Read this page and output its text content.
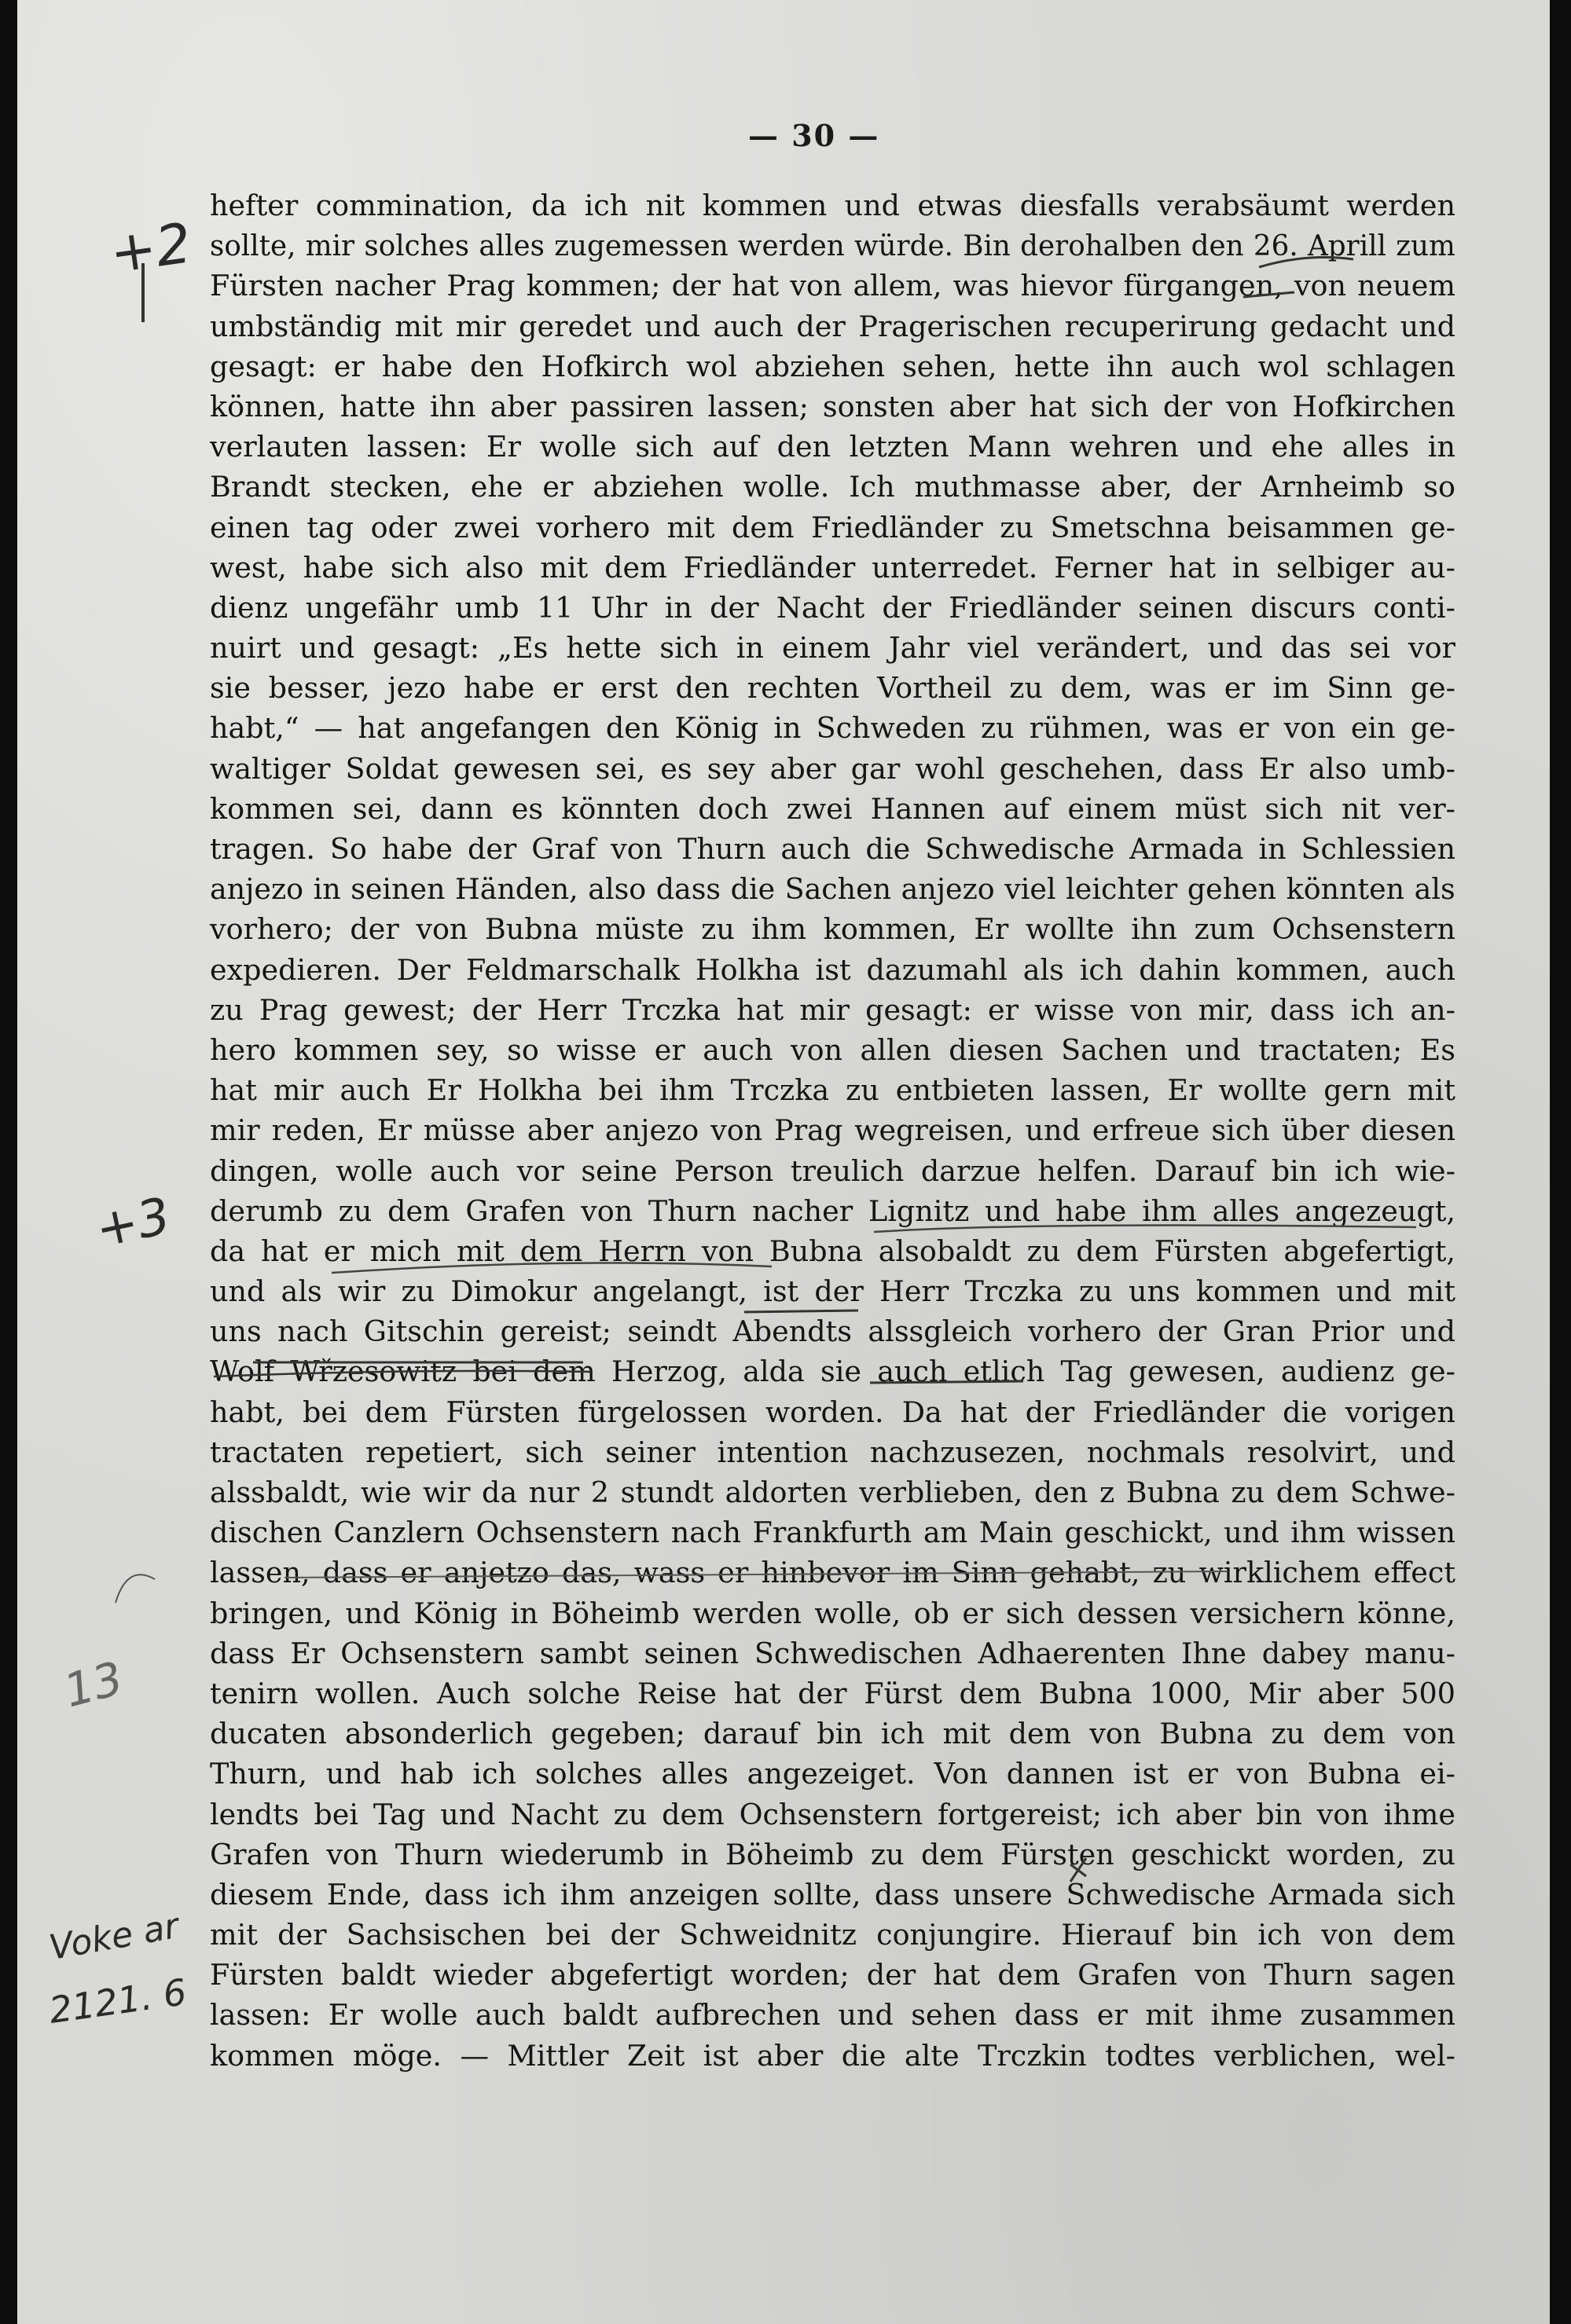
— 30 —
hefter commination, da ich nit kommen und etwas diesfalls verabsäumt werden
sollte, mir solches alles zugemessen werden würde. Bin derohalben den 26. Aprill zum
Fürsten nacher Prag kommen; der hat von allem, was hievor fürgangen, von neuem
umbständig mit mir geredet und auch der Pragerischen recuperirung gedacht und
gesagt: er habe den Hofkirch wol abziehen sehen, hette ihn auch wol schlagen
können, hatte ihn aber passiren lassen; sonsten aber hat sich der von Hofkirchen
verlauten lassen: Er wolle sich auf den letzten Mann wehren und ehe alles in
Brandt stecken, ehe er abziehen wolle. Ich muthmasse aber, der Arnheimb so
einen tag oder zwei vorhero mit dem Friedländer zu Smetschna beisammen ge-
west, habe sich also mit dem Friedländer unterredet. Ferner hat in selbiger au-
dienz ungefähr umb 11 Uhr in der Nacht der Friedländer seinen discurs conti-
nuirt und gesagt: „Es hette sich in einem Jahr viel verändert, und das sei vor
sie besser, jezo habe er erst den rechten Vortheil zu dem, was er im Sinn ge-
habt,“ — hat angefangen den König in Schweden zu rühmen, was er von ein ge-
waltiger Soldat gewesen sei, es sey aber gar wohl geschehen, dass Er also umb-
kommen sei, dann es könnten doch zwei Hannen auf einem müst sich nit ver-
tragen. So habe der Graf von Thurn auch die Schwedische Armada in Schlessien
anjezo in seinen Händen, also dass die Sachen anjezo viel leichter gehen könnten als
vorhero; der von Bubna müste zu ihm kommen, Er wollte ihn zum Ochsenstern
expedieren. Der Feldmarschalk Holkha ist dazumahl als ich dahin kommen, auch
zu Prag gewest; der Herr Trczka hat mir gesagt: er wisse von mir, dass ich an-
hero kommen sey, so wisse er auch von allen diesen Sachen und tractaten; Es
hat mir auch Er Holkha bei ihm Trczka zu entbieten lassen, Er wollte gern mit
mir reden, Er müsse aber anjezo von Prag wegreisen, und erfreue sich über diesen
dingen, wolle auch vor seine Person treulich darzue helfen. Darauf bin ich wie-
derumb zu dem Grafen von Thurn nacher Lignitz und habe ihm alles angezeugt,
da hat er mich mit dem Herrn von Bubna alsobaldt zu dem Fürsten abgefertigt,
und als wir zu Dimokur angelangt, ist der Herr Trczka zu uns kommen und mit
uns nach Gitschin gereist; seindt Abendts alssgleich vorhero der Gran Prior und
Wolf Wřzesowitz bei dem Herzog, alda sie auch etlich Tag gewesen, audienz ge-
habt, bei dem Fürsten fürgelossen worden. Da hat der Friedländer die vorigen
tractaten repetiert, sich seiner intention nachzusezen, nochmals resolvirt, und
alssbaldt, wie wir da nur 2 stundt aldorten verblieben, den z Bubna zu dem Schwe-
dischen Canzlern Ochsenstern nach Frankfurth am Main geschickt, und ihm wissen
lassen, dass er anjetzo das, wass er hinbevor im Sinn gehabt, zu wirklichem effect
bringen, und König in Böheimb werden wolle, ob er sich dessen versichern könne,
dass Er Ochsenstern sambt seinen Schwedischen Adhaerenten Ihne dabey manu-
tenirn wollen. Auch solche Reise hat der Fürst dem Bubna 1000, Mir aber 500
ducaten absonderlich gegeben; darauf bin ich mit dem von Bubna zu dem von
Thurn, und hab ich solches alles angezeiget. Von dannen ist er von Bubna ei-
lendts bei Tag und Nacht zu dem Ochsenstern fortgereist; ich aber bin von ihme
Grafen von Thurn wiederumb in Böheimb zu dem Fürsten geschickt worden, zu
diesem Ende, dass ich ihm anzeigen sollte, dass unsere Schwedische Armada sich
mit der Sachsischen bei der Schweidnitz conjungire. Hierauf bin ich von dem
Fürsten baldt wieder abgefertigt worden; der hat dem Grafen von Thurn sagen
lassen: Er wolle auch baldt aufbrechen und sehen dass er mit ihme zusammen
kommen möge. — Mittler Zeit ist aber die alte Trczkin todtes verblichen, wel-
+2
+3
13
Voke ar
2121. 6
